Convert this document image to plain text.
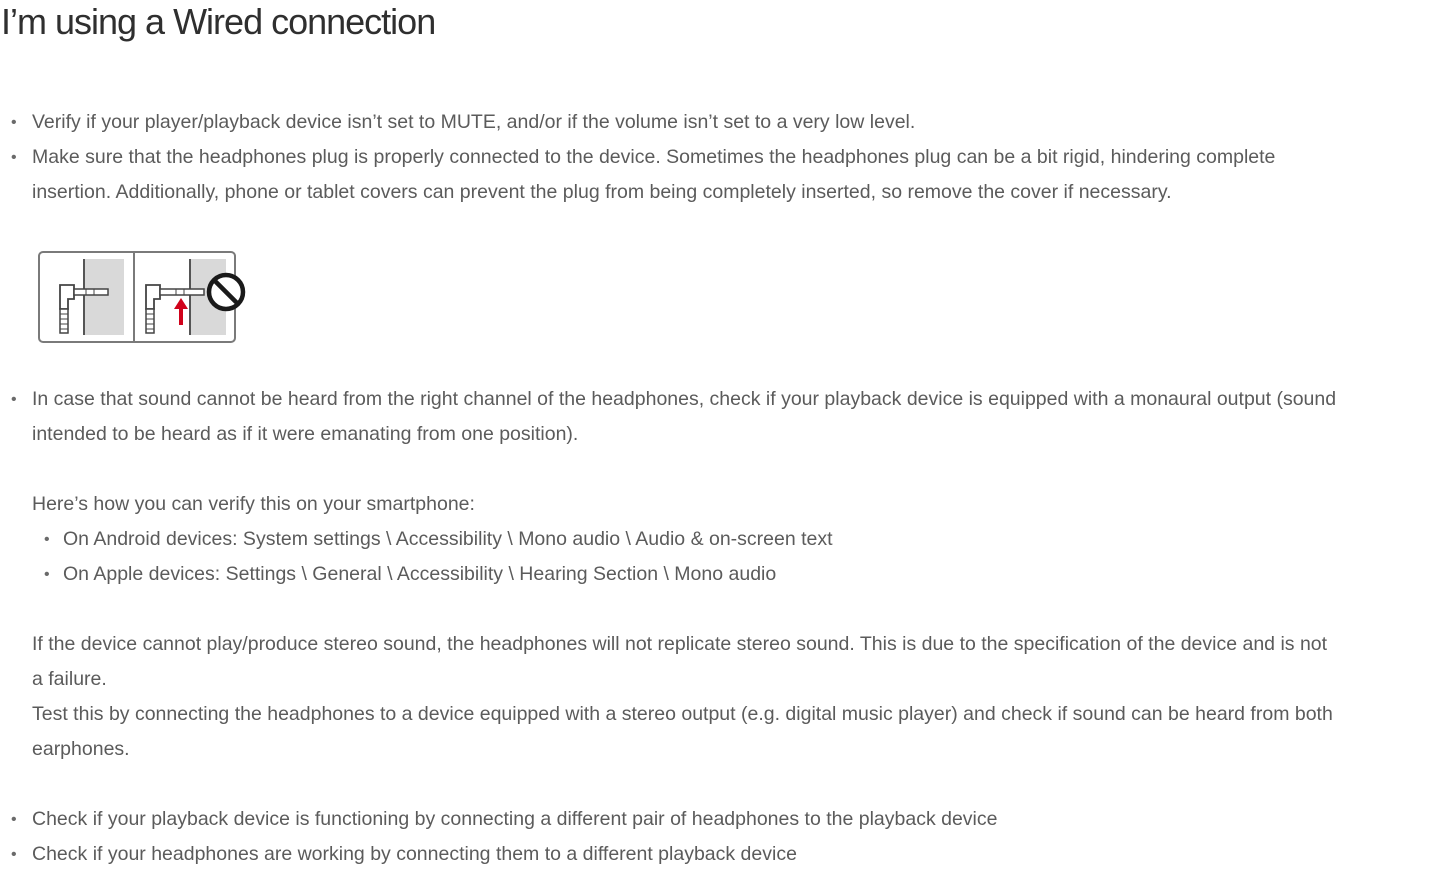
I’m using a Wired connection
• Verify if your player/playback device isn’t set to MUTE, and/or if the volume isn’t set to a very low level.
• Make sure that the headphones plug is properly connected to the device. Sometimes the headphones plug can be a bit rigid, hindering complete
insertion. Additionally, phone or tablet covers can prevent the plug from being completely inserted, so remove the cover if necessary.
• In case that sound cannot be heard from the right channel of the headphones, check if your playback device is equipped with a monaural output (sound
intended to be heard as if it were emanating from one position).
Here’s how you can verify this on your smartphone:
• On Android devices: System settings \ Accessibility \ Mono audio \ Audio & on-screen text
• On Apple devices: Settings \ General \ Accessibility \ Hearing Section \ Mono audio
If the device cannot play/produce stereo sound, the headphones will not replicate stereo sound. This is due to the specification of the device and is not
a failure.
Test this by connecting the headphones to a device equipped with a stereo output (e.g. digital music player) and check if sound can be heard from both
earphones.
• Check if your playback device is functioning by connecting a different pair of headphones to the playback device
• Check if your headphones are working by connecting them to a different playback device
